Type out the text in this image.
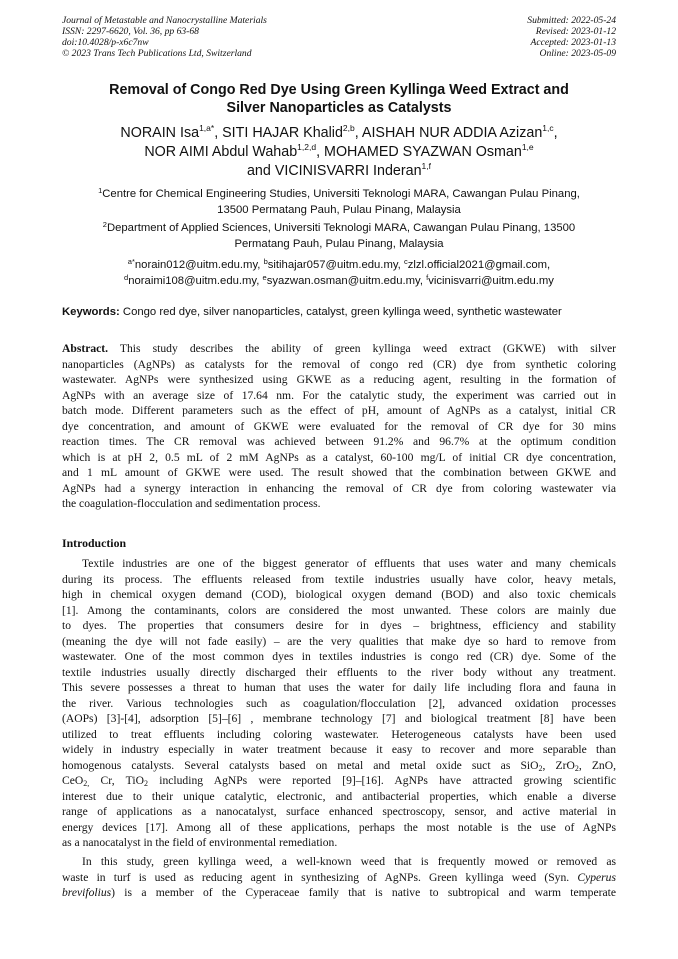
Journal of Metastable and Nanocrystalline Materials
ISSN: 2297-6620, Vol. 36, pp 63-68
doi:10.4028/p-x6c7nw
© 2023 Trans Tech Publications Ltd, Switzerland
Submitted: 2022-05-24
Revised: 2023-01-12
Accepted: 2023-01-13
Online: 2023-05-09
Removal of Congo Red Dye Using Green Kyllinga Weed Extract and
Silver Nanoparticles as Catalysts
NORAIN Isa$^{1,a*}$, SITI HAJAR Khalid$^{2,b}$, AISHAH NUR ADDIA Azizan$^{1,c}$,
NOR AIMI Abdul Wahab$^{1,2,d}$, MOHAMED SYAZWAN Osman$^{1,e}$
and VICINISVARRI Inderan$^{1,f}$
$^1$Centre for Chemical Engineering Studies, Universiti Teknologi MARA, Cawangan Pulau Pinang,
13500 Permatang Pauh, Pulau Pinang, Malaysia
$^2$Department of Applied Sciences, Universiti Teknologi MARA, Cawangan Pulau Pinang, 13500
Permatang Pauh, Pulau Pinang, Malaysia
$^{a*}$norain012@uitm.edu.my, $^b$sitihajar057@uitm.edu.my, $^c$zlzl.official2021@gmail.com,
$^d$noraimi108@uitm.edu.my, $^e$syazwan.osman@uitm.edu.my, $^f$vicinisvarri@uitm.edu.my
Keywords: Congo red dye, silver nanoparticles, catalyst, green kyllinga weed, synthetic wastewater
Abstract. This study describes the ability of green kyllinga weed extract (GKWE) with silver
nanoparticles (AgNPs) as catalysts for the removal of congo red (CR) dye from synthetic coloring
wastewater. AgNPs were synthesized using GKWE as a reducing agent, resulting in the formation of
AgNPs with an average size of 17.64 nm. For the catalytic study, the experiment was carried out in
batch mode. Different parameters such as the effect of pH, amount of AgNPs as a catalyst, initial CR
dye concentration, and amount of GKWE were evaluated for the removal of CR dye for 30 mins
reaction times. The CR removal was achieved between 91.2% and 96.7% at the optimum condition
which is at pH 2, 0.5 mL of 2 mM AgNPs as a catalyst, 60-100 mg/L of initial CR dye concentration,
and 1 mL amount of GKWE were used. The result showed that the combination between GKWE and
AgNPs had a synergy interaction in enhancing the removal of CR dye from coloring wastewater via
the coagulation-flocculation and sedimentation process.
Introduction
Textile industries are one of the biggest generator of effluents that uses water and many chemicals
during its process. The effluents released from textile industries usually have color, heavy metals,
high in chemical oxygen demand (COD), biological oxygen demand (BOD) and also toxic chemicals
[1]. Among the contaminants, colors are considered the most unwanted. These colors are mainly due
to dyes. The properties that consumers desire for in dyes – brightness, efficiency and stability
(meaning the dye will not fade easily) – are the very qualities that make dye so hard to remove from
wastewater. One of the most common dyes in textiles industries is congo red (CR) dye. Some of the
textile industries usually directly discharged their effluents to the river body without any treatment.
This severe possesses a threat to human that uses the water for daily life including flora and fauna in
the river. Various technologies such as coagulation/flocculation [2], advanced oxidation processes
(AOPs) [3]-[4], adsorption [5]–[6] , membrane technology [7] and biological treatment [8] have been
utilized to treat effluents including coloring wastewater. Heterogeneous catalysts have been used
widely in industry especially in water treatment because it easy to recover and more separable than
homogenous catalysts. Several catalysts based on metal and metal oxide suct as SiO$_2$, ZrO$_2$, ZnO,
CeO$_{2,}$ Cr, TiO$_2$ including AgNPs were reported [9]–[16]. AgNPs have attracted growing scientific
interest due to their unique catalytic, electronic, and antibacterial properties, which enable a diverse
range of applications as a nanocatalyst, surface enhanced spectroscopy, sensor, and active material in
energy devices [17]. Among all of these applications, perhaps the most notable is the use of AgNPs
as a nanocatalyst in the field of environmental remediation.
In this study, green kyllinga weed, a well-known weed that is frequently mowed or removed as
waste in turf is used as reducing agent in synthesizing of AgNPs. Green kyllinga weed (Syn. Cyperus
brevifolius) is a member of the Cyperaceae family that is native to subtropical and warm temperate
